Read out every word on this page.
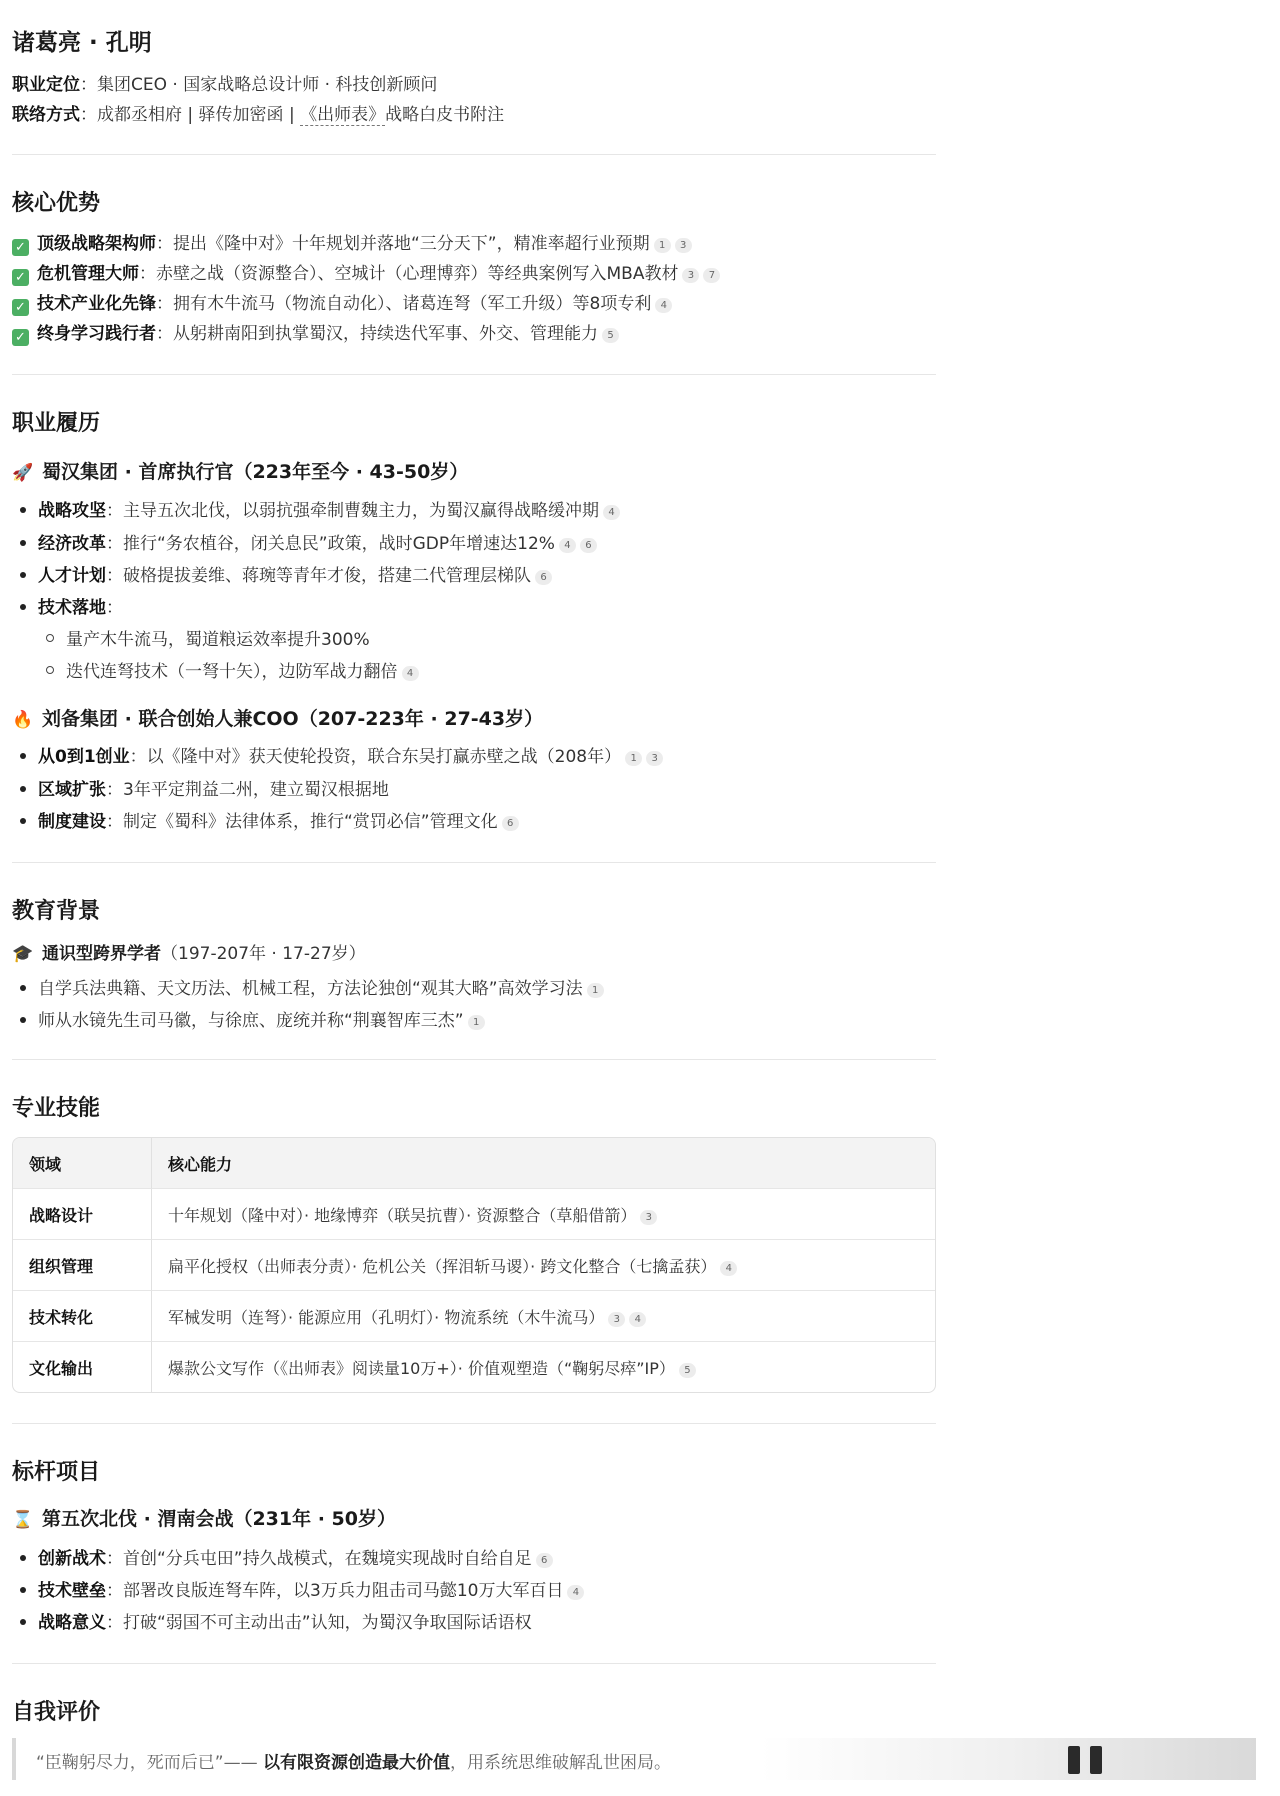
诸葛亮 · 孔明
职业定位：集团CEO · 国家战略总设计师 · 科技创新顾问
联络方式：成都丞相府 | 驿传加密函 | 《出师表》战略白皮书附注
核心优势
✓ 顶级战略架构师：提出《隆中对》十年规划并落地“三分天下”，精准率超行业预期 1 3
✓ 危机管理大师：赤壁之战（资源整合）、空城计（心理博弈）等经典案例写入MBA教材 3 7
✓ 技术产业化先锋：拥有木牛流马（物流自动化）、诸葛连弩（军工升级）等8项专利 4
✓ 终身学习践行者：从躬耕南阳到执掌蜀汉，持续迭代军事、外交、管理能力 5
职业履历
🚀 蜀汉集团 · 首席执行官（223年至今 · 43-50岁）
战略攻坚：主导五次北伐，以弱抗强牵制曹魏主力，为蜀汉赢得战略缓冲期 4
经济改革：推行“务农植谷，闭关息民”政策，战时GDP年增速达12% 4 6
人才计划：破格提拔姜维、蒋琬等青年才俊，搭建二代管理层梯队 6
技术落地：
量产木牛流马，蜀道粮运效率提升300%
迭代连弩技术（一弩十矢），边防军战力翻倍 4
🔥 刘备集团 · 联合创始人兼COO（207-223年 · 27-43岁）
从0到1创业：以《隆中对》获天使轮投资，联合东吴打赢赤壁之战（208年） 1 3
区域扩张：3年平定荆益二州，建立蜀汉根据地
制度建设：制定《蜀科》法律体系，推行“赏罚必信”管理文化 6
教育背景
🎓 通识型跨界学者（197-207年 · 17-27岁）
自学兵法典籍、天文历法、机械工程，方法论独创“观其大略”高效学习法 1
师从水镜先生司马徽，与徐庶、庞统并称“荆襄智库三杰” 1
专业技能
领域	核心能力
战略设计	十年规划（隆中对）· 地缘博弈（联吴抗曹）· 资源整合（草船借箭） 3
组织管理	扁平化授权（出师表分责）· 危机公关（挥泪斩马谡）· 跨文化整合（七擒孟获） 4
技术转化	军械发明（连弩）· 能源应用（孔明灯）· 物流系统（木牛流马） 3 4
文化输出	爆款公文写作（《出师表》阅读量10万+）· 价值观塑造（“鞠躬尽瘁”IP） 5
标杆项目
⌛ 第五次北伐 · 渭南会战（231年 · 50岁）
创新战术：首创“分兵屯田”持久战模式，在魏境实现战时自给自足 6
技术壁垒：部署改良版连弩车阵，以3万兵力阻击司马懿10万大军百日 4
战略意义：打破“弱国不可主动出击”认知，为蜀汉争取国际话语权
自我评价
“臣鞠躬尽力，死而后已”—— 以有限资源创造最大价值，用系统思维破解乱世困局。
